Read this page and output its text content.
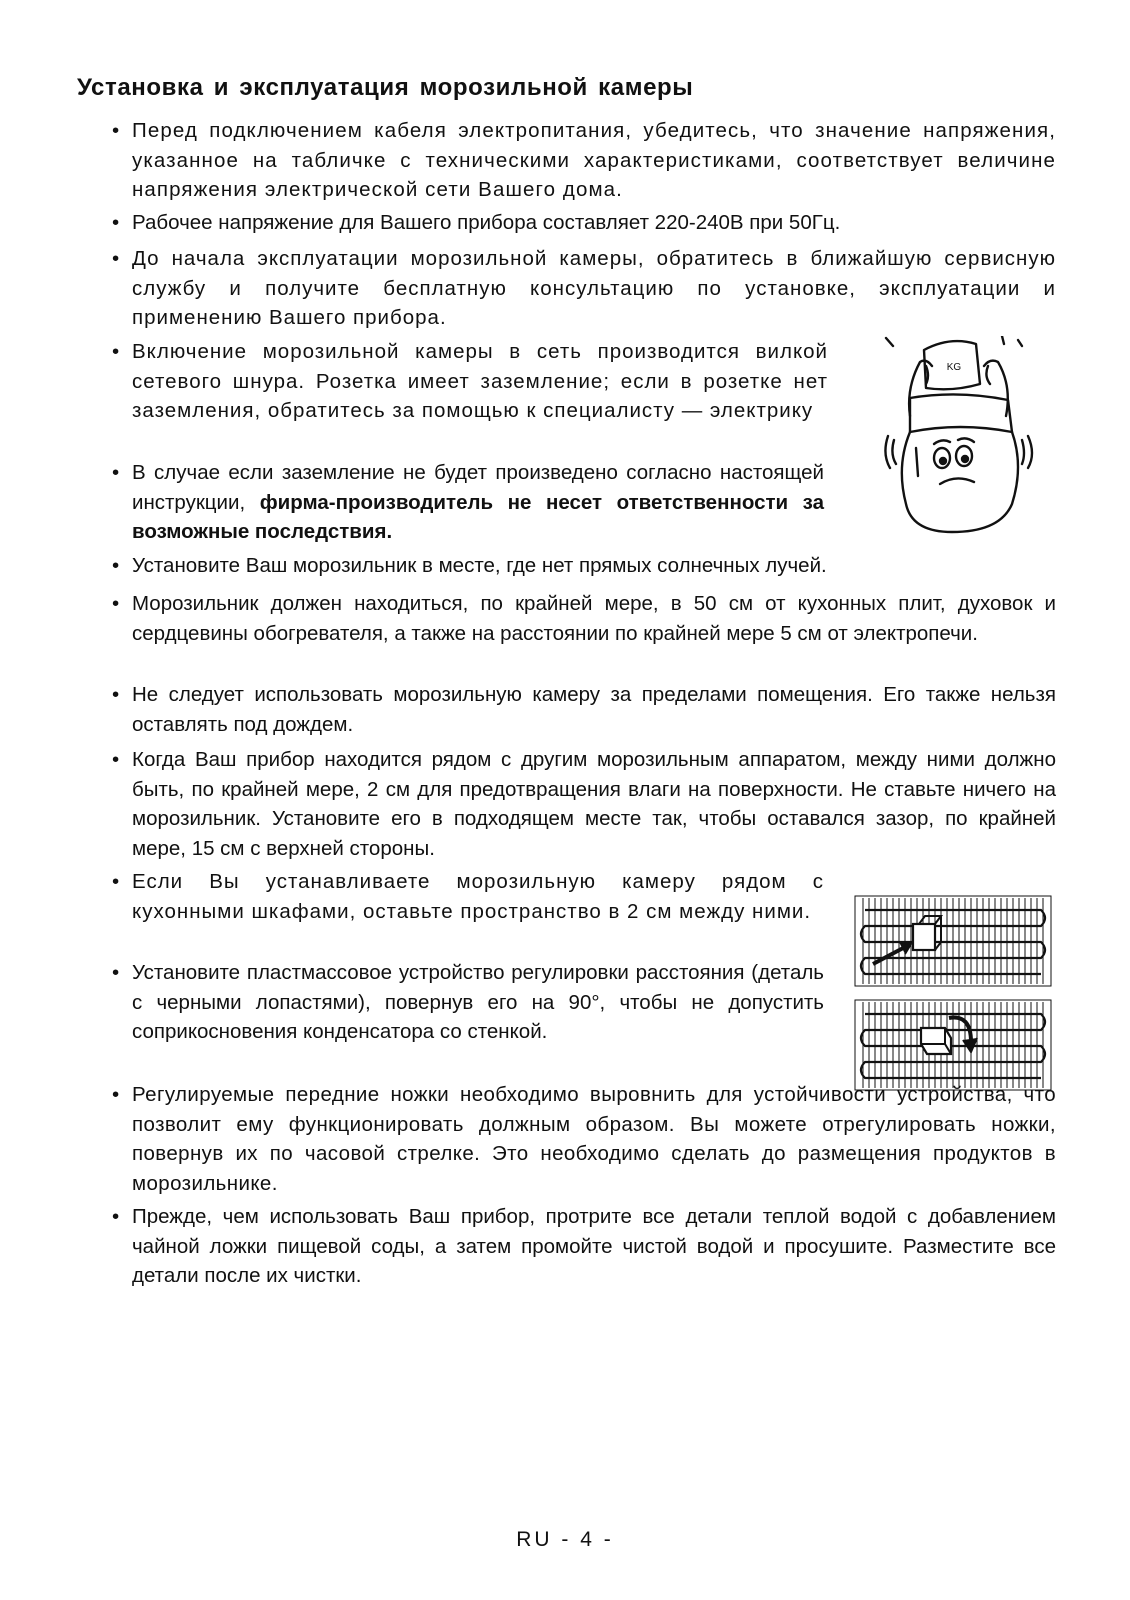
Установка и эксплуатация морозильной камеры
• Перед подключением кабеля электропитания, убедитесь, что значение напряжения, указанное на табличке с техническими характеристиками, соответствует величине напряжения электрической сети Вашего дома.
• Рабочее напряжение для Вашего прибора составляет 220-240В при 50Гц.
• До начала эксплуатации морозильной камеры, обратитесь в ближайшую сервисную службу и получите бесплатную консультацию по установке, эксплуатации и применению Вашего прибора.
• Включение морозильной камеры в сеть производится вилкой сетевого шнура. Розетка имеет заземление; если в розетке нет заземления, обратитесь за помощью к специалисту — электрику
• В случае если заземление не будет произведено согласно настоящей инструкции, фирма-производитель не несет ответственности за возможные последствия.
• Установите Ваш морозильник в месте, где нет прямых солнечных лучей.
• Морозильник должен находиться, по крайней мере, в 50 см от кухонных плит, духовок и сердцевины обогревателя, а также на расстоянии по крайней мере 5 см от электропечи.
• Не следует использовать морозильную камеру за пределами помещения. Его также нельзя оставлять под дождем.
• Когда Ваш прибор находится рядом с другим морозильным аппаратом, между ними должно быть, по крайней мере, 2 см для предотвращения влаги на поверхности. Не ставьте ничего на морозильник. Установите его в подходящем месте так, чтобы оставался зазор, по крайней мере, 15 см с верхней стороны.
• Если Вы устанавливаете морозильную камеру рядом с кухонными шкафами, оставьте пространство в 2 см между ними.
• Установите пластмассовое устройство регулировки расстояния (деталь с черными лопастями), повернув его на 90°, чтобы не допустить соприкосновения конденсатора со стенкой.
• Регулируемые передние ножки необходимо выровнить для устойчивости устройства, что позволит ему функционировать должным образом. Вы можете отрегулировать ножки, повернув их по часовой стрелке. Это необходимо сделать до размещения продуктов в морозильнике.
• Прежде, чем использовать Ваш прибор, протрите все детали теплой водой с добавлением чайной ложки пищевой соды, а затем промойте чистой водой и просушите. Разместите все детали после их чистки.
KG
RU - 4 -
